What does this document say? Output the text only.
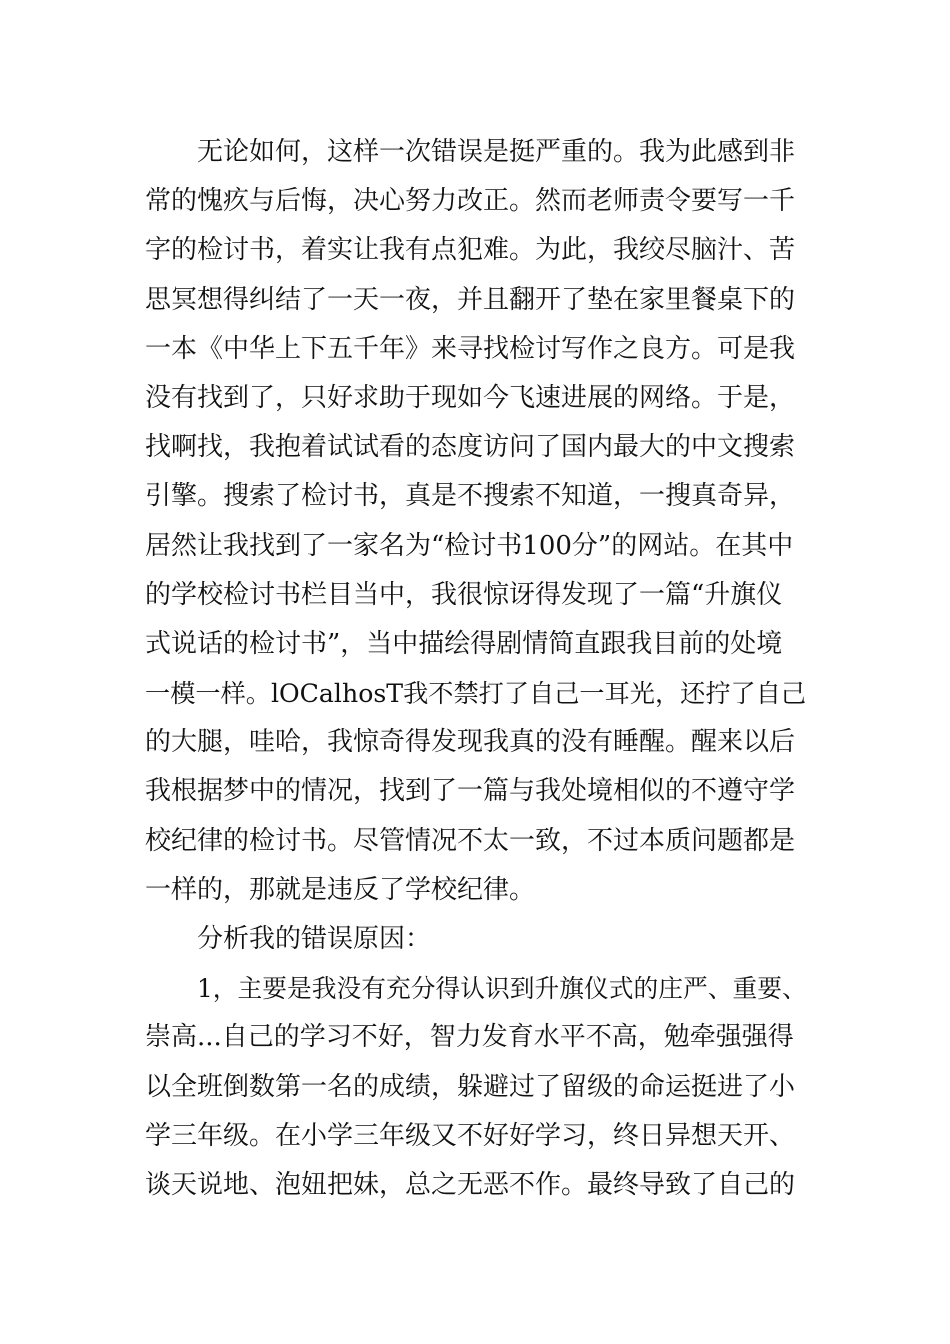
无论如何，这样一次错误是挺严重的。我为此感到非
常的愧疚与后悔，决心努力改正。然而老师责令要写一千
字的检讨书，着实让我有点犯难。为此，我绞尽脑汁、苦
思冥想得纠结了一天一夜，并且翻开了垫在家里餐桌下的
一本《中华上下五千年》来寻找检讨写作之良方。可是我
没有找到了，只好求助于现如今飞速进展的网络。于是，
找啊找，我抱着试试看的态度访问了国内最大的中文搜索
引擎。搜索了检讨书，真是不搜索不知道，一搜真奇异，
居然让我找到了一家名为“检讨书100分”的网站。在其中
的学校检讨书栏目当中，我很惊讶得发现了一篇“升旗仪
式说话的检讨书”，当中描绘得剧情简直跟我目前的处境
一模一样。lOCalhosT我不禁打了自己一耳光，还拧了自己
的大腿，哇哈，我惊奇得发现我真的没有睡醒。醒来以后
我根据梦中的情况，找到了一篇与我处境相似的不遵守学
校纪律的检讨书。尽管情况不太一致，不过本质问题都是
一样的，那就是违反了学校纪律。
分析我的错误原因：
1，主要是我没有充分得认识到升旗仪式的庄严、重要、
崇高...自己的学习不好，智力发育水平不高，勉牵强强得
以全班倒数第一名的成绩，躲避过了留级的命运挺进了小
学三年级。在小学三年级又不好好学习，终日异想天开、
谈天说地、泡妞把妹，总之无恶不作。最终导致了自己的
